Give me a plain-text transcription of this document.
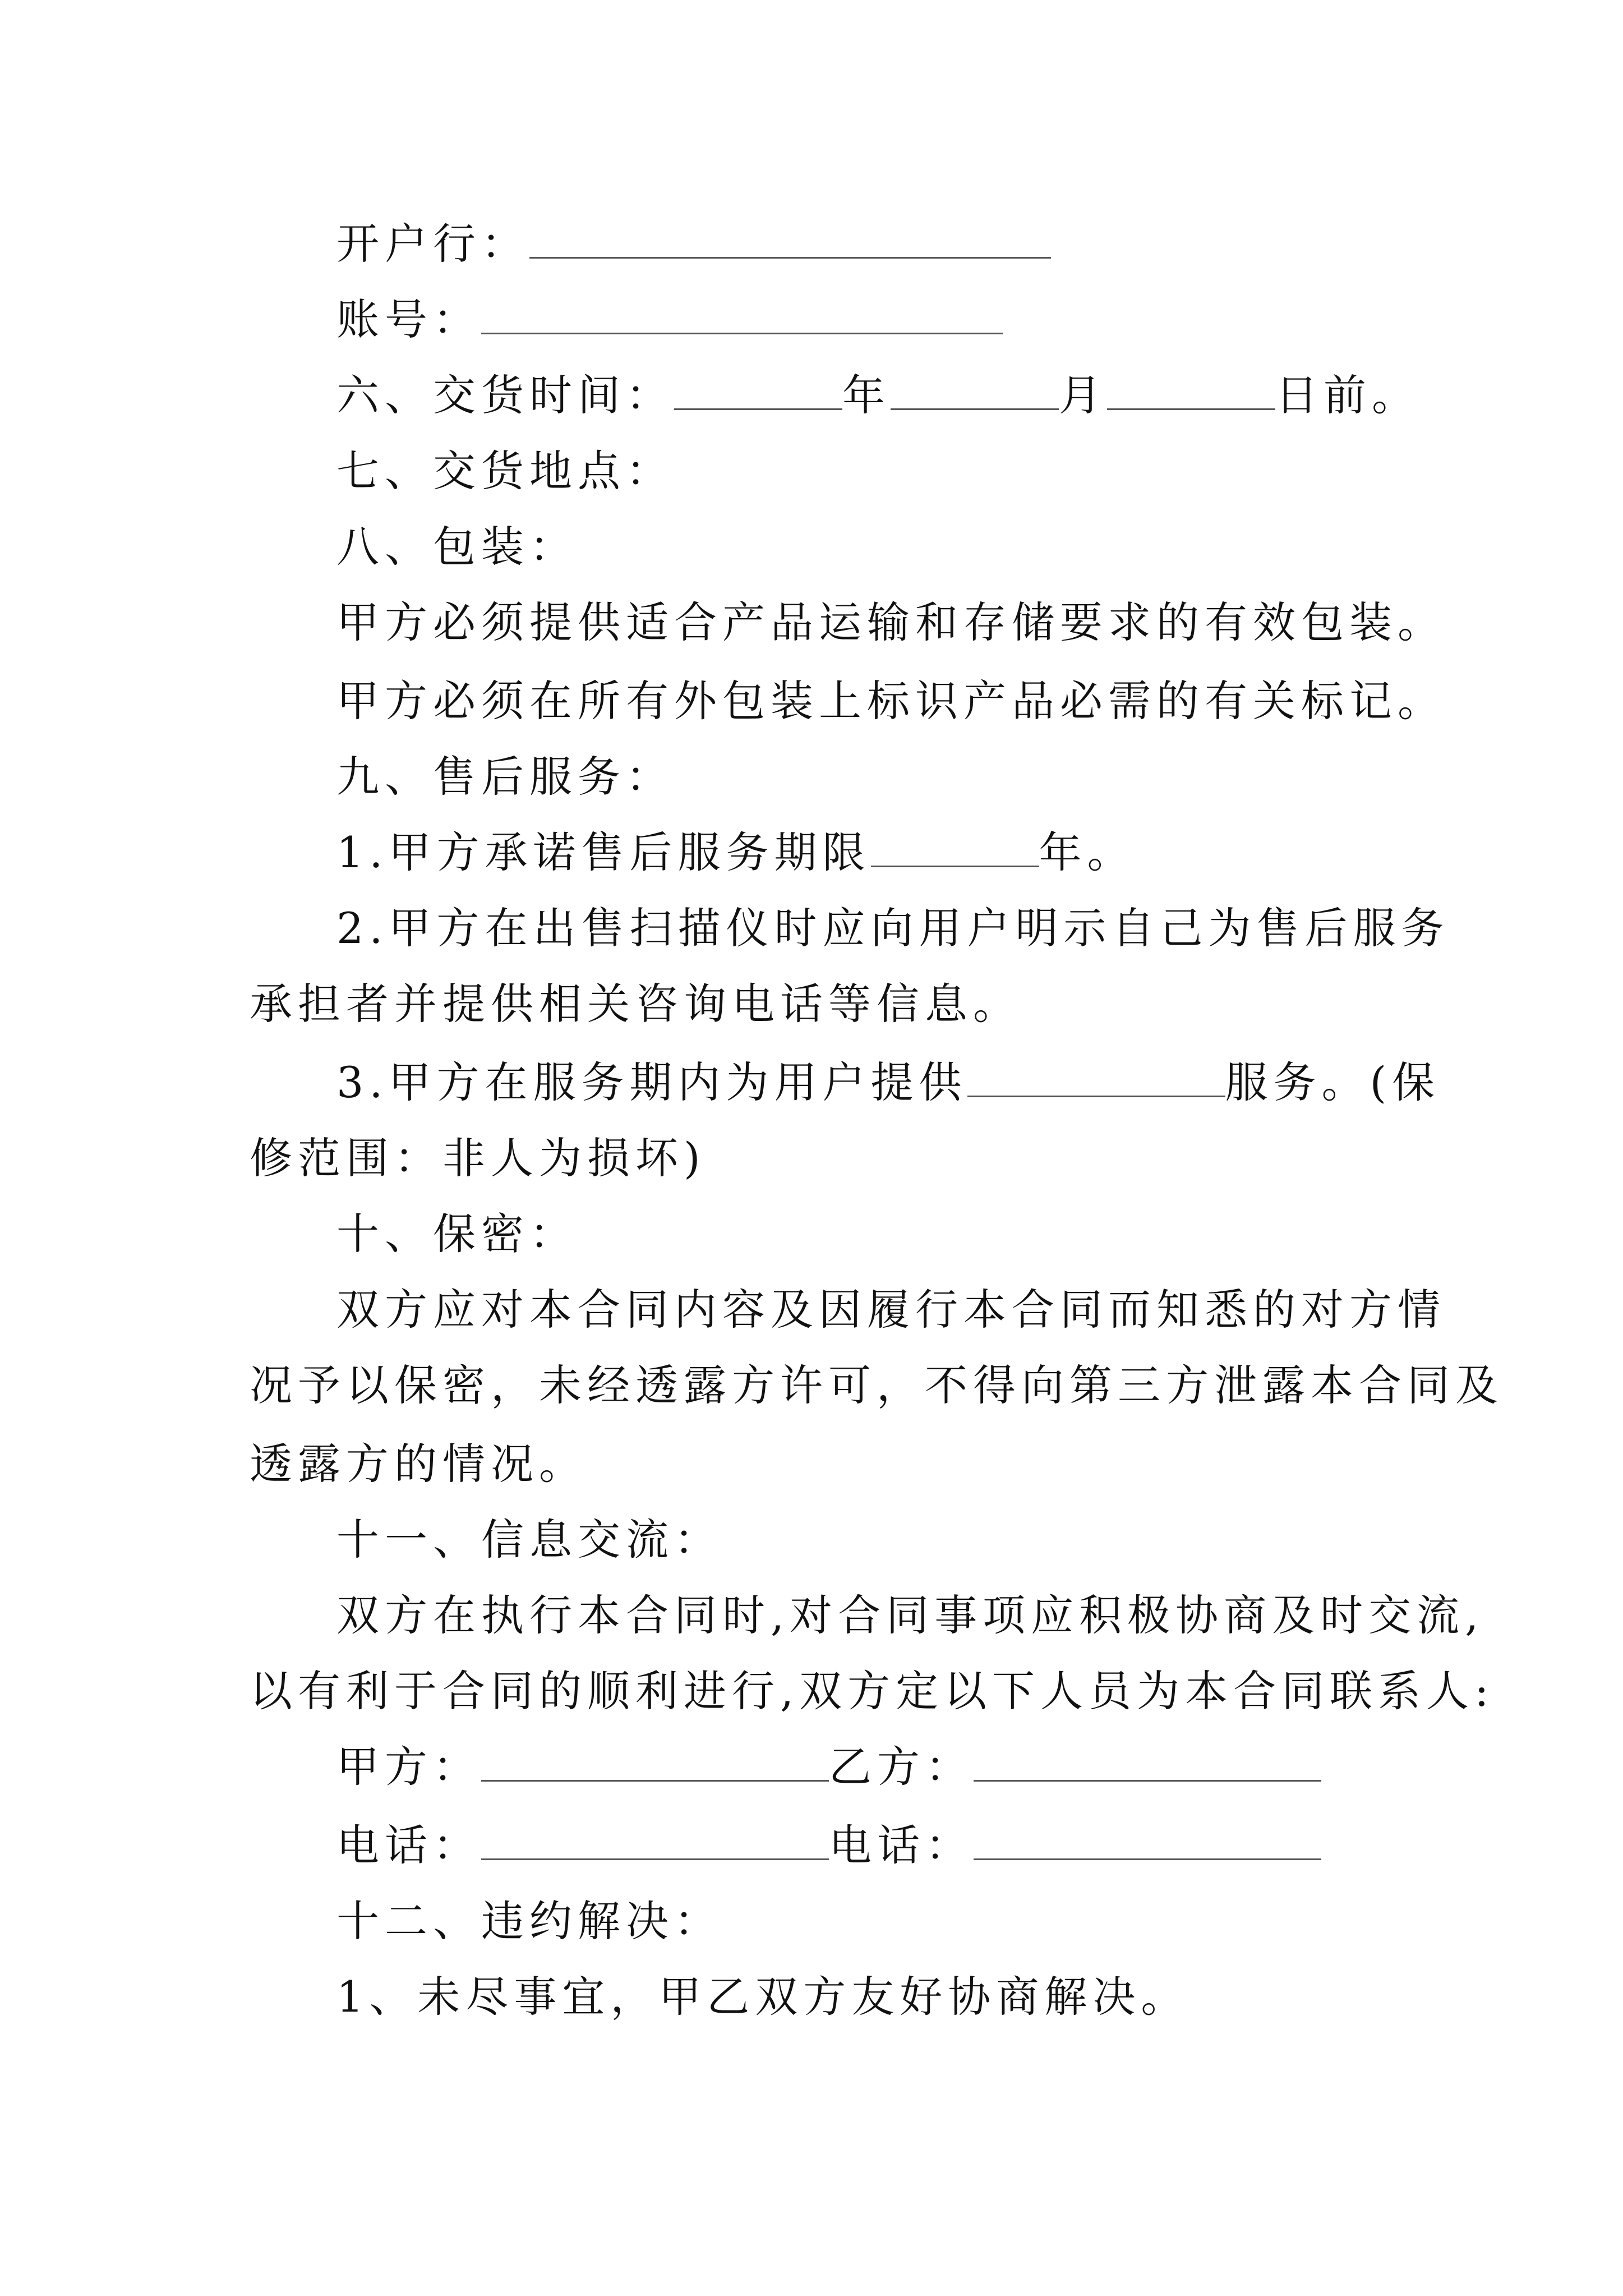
开户行：
账号：
六、交货时间：	年	月	日前。
七、交货地点：
八、包装：
甲方必须提供适合产品运输和存储要求的有效包装。
甲方必须在所有外包装上标识产品必需的有关标记。
九、售后服务：
1.甲方承诺售后服务期限	年。
2.甲方在出售扫描仪时应向用户明示自己为售后服务
承担者并提供相关咨询电话等信息。
3.甲方在服务期内为用户提供	服务。(保
修范围：非人为损坏)
十、保密：
双方应对本合同内容及因履行本合同而知悉的对方情
况予以保密，未经透露方许可，不得向第三方泄露本合同及
透露方的情况。
十一、信息交流：
双方在执行本合同时,对合同事项应积极协商及时交流,
以有利于合同的顺利进行,双方定以下人员为本合同联系人:
甲方：	乙方：
电话：	电话：
十二、违约解决：
1、未尽事宜，甲乙双方友好协商解决。
